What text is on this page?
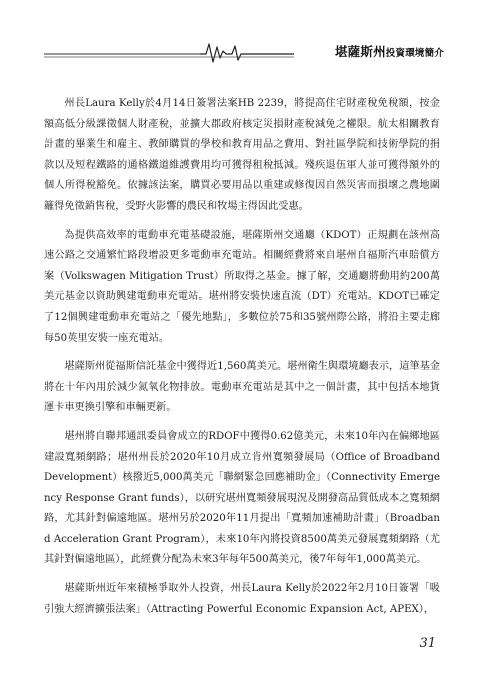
堪薩斯州投資環境簡介

州長Laura Kelly於4月14日簽署法案HB 2239，將提高住宅財產稅免稅額，按金額高低分級課徵個人財產稅，並擴大郡政府核定災損財產稅減免之權限。航太相關教育計畫的畢業生和雇主、教師購買的學校和教育用品之費用、對社區學院和技術學院的捐款以及短程鐵路的通格鐵道維護費用均可獲得租稅抵減。殘疾退伍軍人並可獲得額外的個人所得稅豁免。依據該法案，購買必要用品以重建或修復因自然災害而損壞之農地圍籬得免徵銷售稅，受野火影響的農民和牧場主得因此受惠。

為提供高效率的電動車充電基礎設施，堪薩斯州交通廳（KDOT）正規劃在該州高速公路之交通繁忙路段增設更多電動車充電站。相關經費將來自堪州自福斯汽車賠償方案（Volkswagen Mitigation Trust）所取得之基金。據了解，交通廳將動用約200萬美元基金以資助興建電動車充電站。堪州將安裝快速直流（DT）充電站。KDOT已確定了12個興建電動車充電站之「優先地點」，多數位於75和35號州際公路，將沿主要走廊每50英里安裝一座充電站。

堪薩斯州從福斯信託基金中獲得近1,560萬美元。堪州衛生與環境廳表示，這筆基金將在十年內用於減少氮氧化物排放。電動車充電站是其中之一個計畫，其中包括本地貨運卡車更換引擎和車輛更新。

堪州將自聯邦通訊委員會成立的RDOF中獲得0.62億美元，未來10年內在偏鄉地區建設寬頻網路；堪州州長於2020年10月成立肯州寬頻發展局（Office of Broadband Development）核撥近5,000萬美元「聯網緊急回應補助金」（Connectivity Emergency Response Grant funds），以研究堪州寬頻發展現況及開發高品質低成本之寬頻網路，尤其針對偏遠地區。堪州另於2020年11月提出「寬頻加速補助計畫」（Broadband Acceleration Grant Program），未來10年內將投資8500萬美元發展寬頻網路（尤其針對偏遠地區），此經費分配為未來3年每年500萬美元，後7年每年1,000萬美元。

堪薩斯州近年來積極爭取外人投資，州長Laura Kelly於2022年2月10日簽署「吸引強大經濟擴張法案」（Attracting Powerful Economic Expansion Act, APEX），

31
